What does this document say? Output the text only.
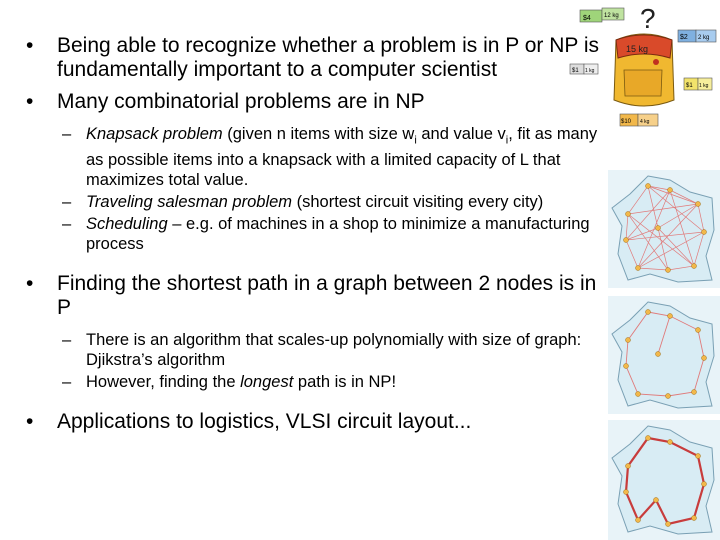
•	Being able to recognize whether a problem is in P or NP is fundamentally important to a computer scientist
•	Many combinatorial problems are in NP
– Knapsack problem (given n items with size $w_i$ and value $v_i$, fit as many as possible items into a knapsack with a limited capacity of L that maximizes total value.
– Traveling salesman problem (shortest circuit visiting every city)
– Scheduling – e.g. of machines in a shop to minimize a manufacturing process
•	Finding the shortest path in a graph between 2 nodes is in P
– There is an algorithm that scales-up polynomially with size of graph: Djikstra’s algorithm
– However, finding the longest path is in NP!
•	Applications to logistics, VLSI circuit layout...
?
$4 12 kg
$2 2 kg
$1 1 kg
$1 1 kg
$10 4 kg
15 kg
